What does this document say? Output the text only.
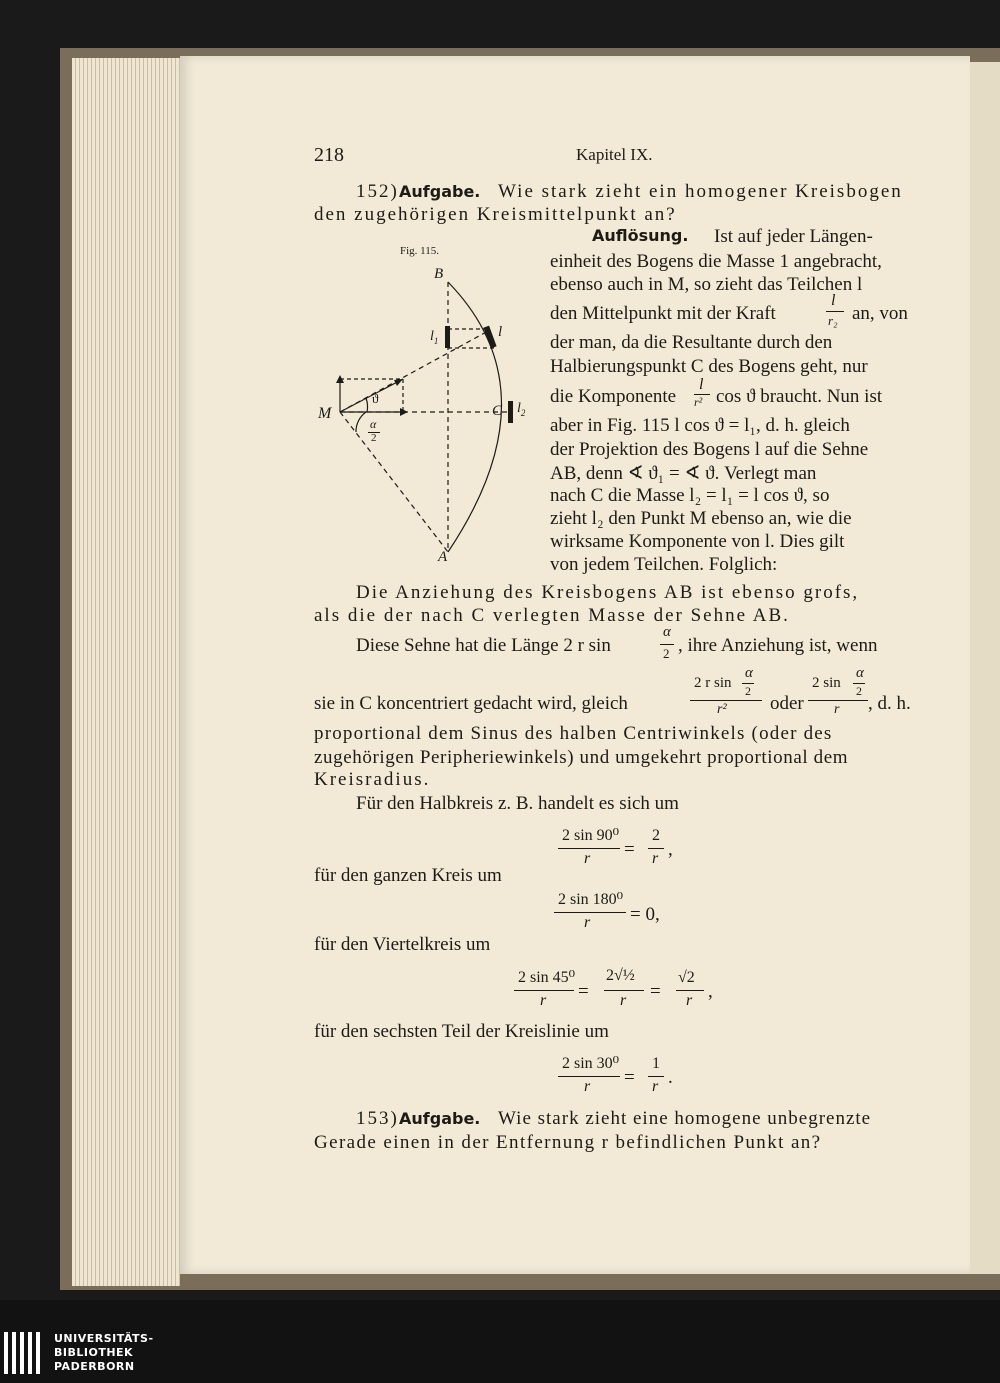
218	Kapitel IX.
152) Aufgabe. Wie stark zieht ein homogener Kreisbogen
den zugehörigen Kreismittelpunkt an?
Fig. 115.
B
A
M	C
l
$l_1$
$l_2$
ϑ
α
2
Auflösung. Ist auf jeder Längen-
einheit des Bogens die Masse 1 angebracht,
ebenso auch in M, so zieht das Teilchen l
den Mittelpunkt mit der Kraft
l
r₂ an, von
der man, da die Resultante durch den
Halbierungspunkt C des Bogens geht, nur
die Komponente
l
r² cos ϑ braucht. Nun ist
aber in Fig. 115 l cos ϑ = l₁, d. h. gleich
der Projektion des Bogens l auf die Sehne
AB, denn ∢ ϑ₁ = ∢ ϑ. Verlegt man
nach C die Masse l₂ = l₁ = l cos ϑ, so
zieht l₂ den Punkt M ebenso an, wie die
wirksame Komponente von l. Dies gilt
von jedem Teilchen. Folglich:
Die Anziehung des Kreisbogens AB ist ebenso grofs,
als die der nach C verlegten Masse der Sehne AB.
Diese Sehne hat die Länge 2 r sin
α
2 , ihre Anziehung ist, wenn
sie in C koncentriert gedacht wird, gleich
α
2 r sin 2
r² oder
α
2 sin 2
r , d. h.
proportional dem Sinus des halben Centriwinkels (oder des
zugehörigen Peripheriewinkels) und umgekehrt proportional dem
Kreisradius.
Für den Halbkreis z. B. handelt es sich um
2 sin 90⁰
r =
2
r ,
für den ganzen Kreis um
2 sin 180⁰
r = 0,
für den Viertelkreis um
2 sin 45⁰
r =
2√½
r =
√2
r ,
für den sechsten Teil der Kreislinie um
2 sin 30⁰
r =
1
r .
153) Aufgabe. Wie stark zieht eine homogene unbegrenzte
Gerade einen in der Entfernung r befindlichen Punkt an?
UNIVERSITÄTS-
BIBLIOTHEK
PADERBORN
